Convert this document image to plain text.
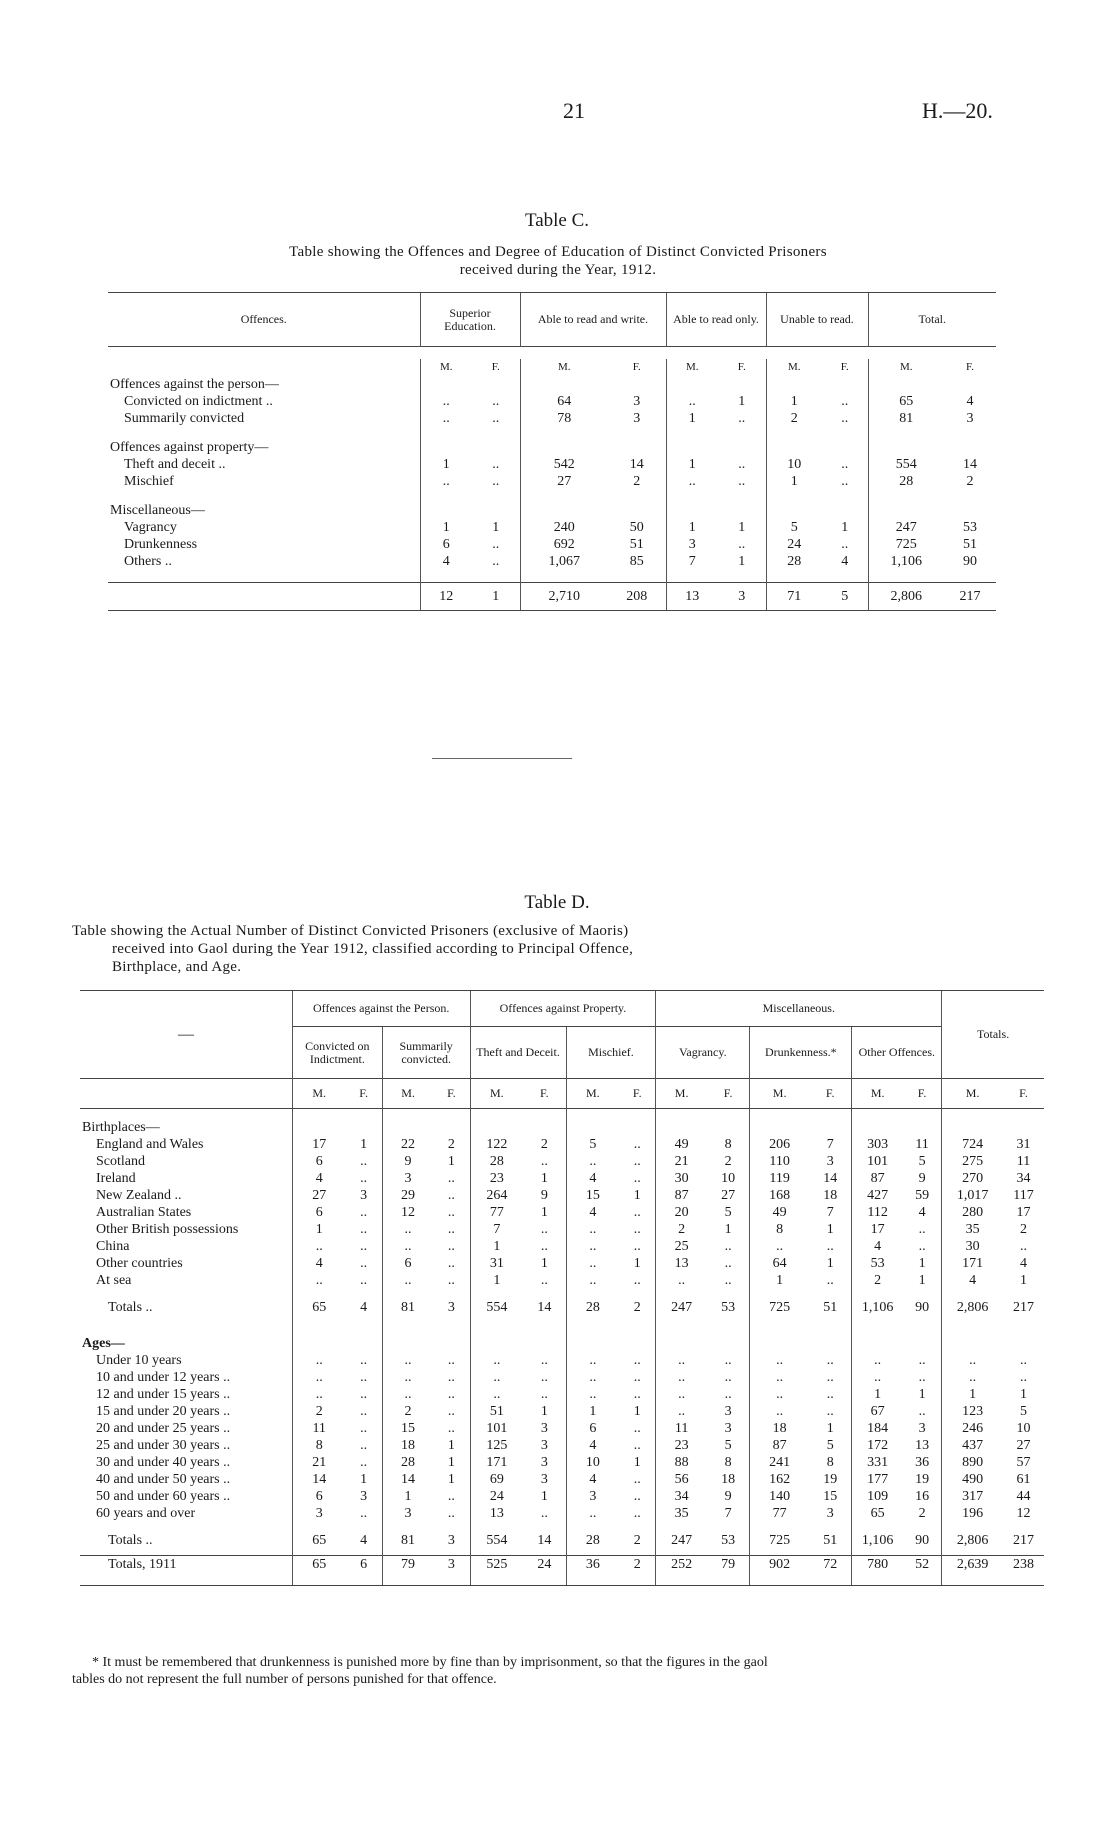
21	H.—20.
Table C.
Table showing the Offences and Degree of Education of Distinct Convicted Prisoners
received during the Year, 1912.
Offences.	Superior Education.		Able to read and write.		Able to read only.		Unable to read.		Total.	

	M.	F.	M.	F.	M.	F.	M.	F.	M.	F.
Offences against the person—										
Convicted on indictment ..	..	..	64	3	..	1	1	..	65	4
Summarily convicted	..	..	78	3	1	..	2	..	81	3

Offences against property—										
Theft and deceit ..	1	..	542	14	1	..	10	..	554	14
Mischief	..	..	27	2	..	..	1	..	28	2

Miscellaneous—										
Vagrancy	1	1	240	50	1	1	5	1	247	53
Drunkenness	6	..	692	51	3	..	24	..	725	51
Others ..	4	..	1,067	85	7	1	28	4	1,106	90

	12	1	2,710	208	13	3	71	5	2,806	217
Table D.
Table showing the Actual Number of Distinct Convicted Prisoners (exclusive of Maoris)
received into Gaol during the Year 1912, classified according to Principal Offence,
Birthplace, and Age.
—	Offences against the Person.				Offences against Property.				Miscellaneous.						Totals.	
	Convicted on Indictment.		Summarily convicted.		Theft and Deceit.		Mischief.		Vagrancy.		Drunkenness.*		Other Offences.			
	M.	F.	M.	F.	M.	F.	M.	F.	M.	F.	M.	F.	M.	F.	M.	F.

Birthplaces—																
England and Wales	17	1	22	2	122	2	5	..	49	8	206	7	303	11	724	31
Scotland	6	..	9	1	28	..	..	..	21	2	110	3	101	5	275	11
Ireland	4	..	3	..	23	1	4	..	30	10	119	14	87	9	270	34
New Zealand ..	27	3	29	..	264	9	15	1	87	27	168	18	427	59	1,017	117
Australian States	6	..	12	..	77	1	4	..	20	5	49	7	112	4	280	17
Other British possessions	1	..	..	..	7	..	..	..	2	1	8	1	17	..	35	2
China	..	..	..	..	1	..	..	..	25	..	..	..	4	..	30	..
Other countries	4	..	6	..	31	1	..	1	13	..	64	1	53	1	171	4
At sea	..	..	..	..	1	..	..	..	..	..	1	..	2	1	4	1

Totals ..	65	4	81	3	554	14	28	2	247	53	725	51	1,106	90	2,806	217

Ages—																
Under 10 years	..	..	..	..	..	..	..	..	..	..	..	..	..	..	..	..
10 and under 12 years ..	..	..	..	..	..	..	..	..	..	..	..	..	..	..	..	..
12 and under 15 years ..	..	..	..	..	..	..	..	..	..	..	..	..	1	1	1	1
15 and under 20 years ..	2	..	2	..	51	1	1	1	..	3	..	..	67	..	123	5
20 and under 25 years ..	11	..	15	..	101	3	6	..	11	3	18	1	184	3	246	10
25 and under 30 years ..	8	..	18	1	125	3	4	..	23	5	87	5	172	13	437	27
30 and under 40 years ..	21	..	28	1	171	3	10	1	88	8	241	8	331	36	890	57
40 and under 50 years ..	14	1	14	1	69	3	4	..	56	18	162	19	177	19	490	61
50 and under 60 years ..	6	3	1	..	24	1	3	..	34	9	140	15	109	16	317	44
60 years and over	3	..	3	..	13	..	..	..	35	7	77	3	65	2	196	12

Totals ..	65	4	81	3	554	14	28	2	247	53	725	51	1,106	90	2,806	217
Totals, 1911	65	6	79	3	525	24	36	2	252	79	902	72	780	52	2,639	238
* It must be remembered that drunkenness is punished more by fine than by imprisonment, so that the figures in the gaol
tables do not represent the full number of persons punished for that offence.
